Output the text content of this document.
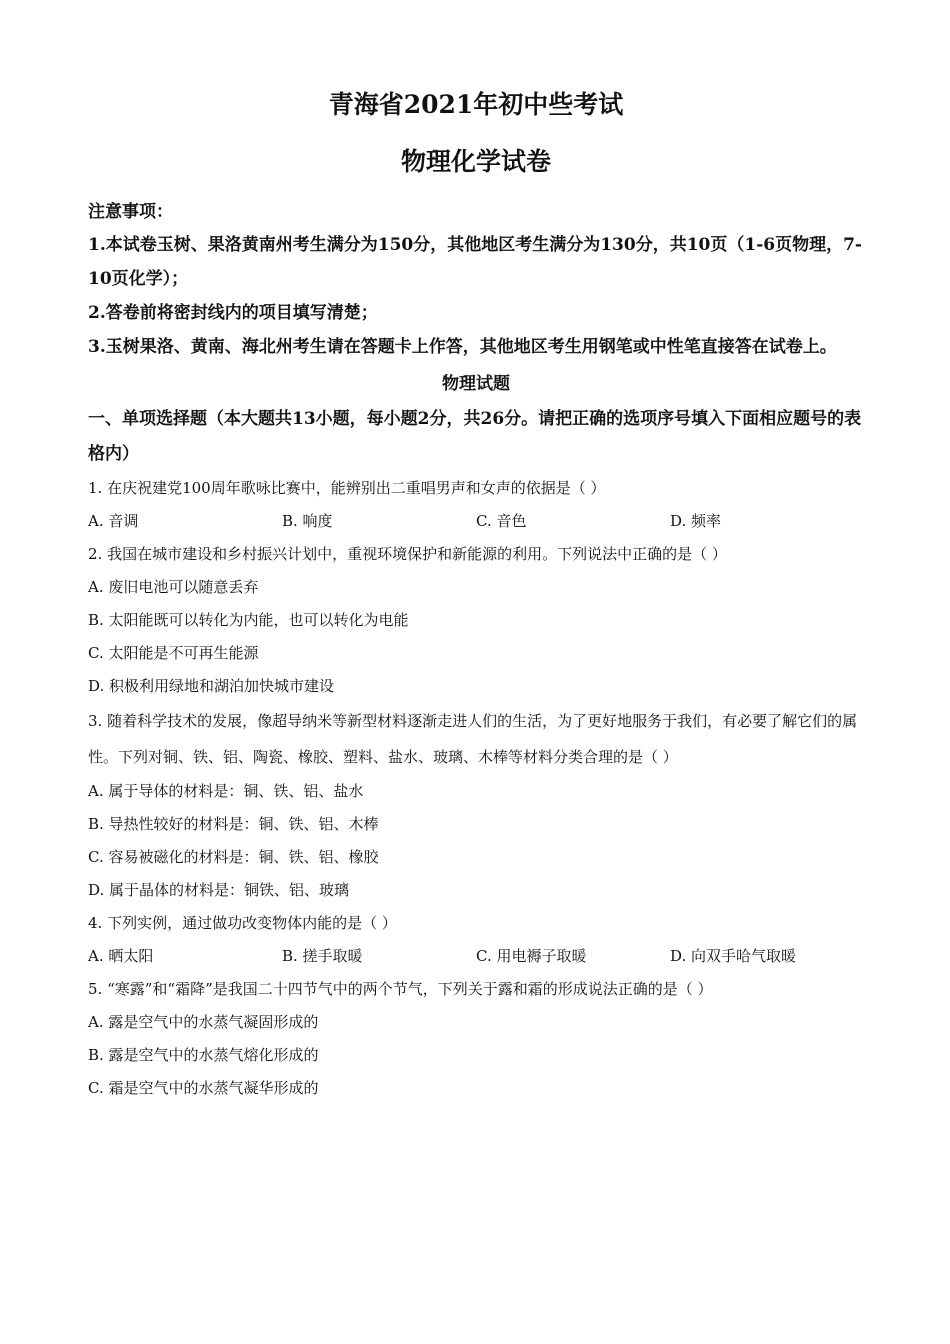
青海省2021年初中些考试
物理化学试卷
注意事项：

1.本试卷玉树、果洛黄南州考生满分为150分，其他地区考生满分为130分，共10页（1-6页物理，7-10页化学）；

2.答卷前将密封线内的项目填写清楚；

3.玉树果洛、黄南、海北州考生请在答题卡上作答，其他地区考生用钢笔或中性笔直接答在试卷上。

物理试题

一、单项选择题（本大题共13小题，每小题2分，共26分。请把正确的选项序号填入下面相应题号的表格内）

1. 在庆祝建党100周年歌咏比赛中，能辨别出二重唱男声和女声的依据是（ ）

A. 音调	B. 响度	C. 音色	D. 频率

2. 我国在城市建设和乡村振兴计划中，重视环境保护和新能源的利用。下列说法中正确的是（ ）

A. 废旧电池可以随意丢弃

B. 太阳能既可以转化为内能，也可以转化为电能

C. 太阳能是不可再生能源

D. 积极利用绿地和湖泊加快城市建设

3. 随着科学技术的发展，像超导纳米等新型材料逐渐走进人们的生活，为了更好地服务于我们，有必要了解它们的属性。下列对铜、铁、铝、陶瓷、橡胶、塑料、盐水、玻璃、木棒等材料分类合理的是（ ）

A. 属于导体的材料是：铜、铁、铝、盐水

B. 导热性较好的材料是：铜、铁、铝、木棒

C. 容易被磁化的材料是：铜、铁、铝、橡胶

D. 属于晶体的材料是：铜铁、铝、玻璃

4. 下列实例，通过做功改变物体内能的是（ ）

A. 晒太阳	B. 搓手取暖	C. 用电褥子取暖	D. 向双手哈气取暖

5. “寒露”和“霜降”是我国二十四节气中的两个节气，下列关于露和霜的形成说法正确的是（ ）

A. 露是空气中的水蒸气凝固形成的

B. 露是空气中的水蒸气熔化形成的

C. 霜是空气中的水蒸气凝华形成的
